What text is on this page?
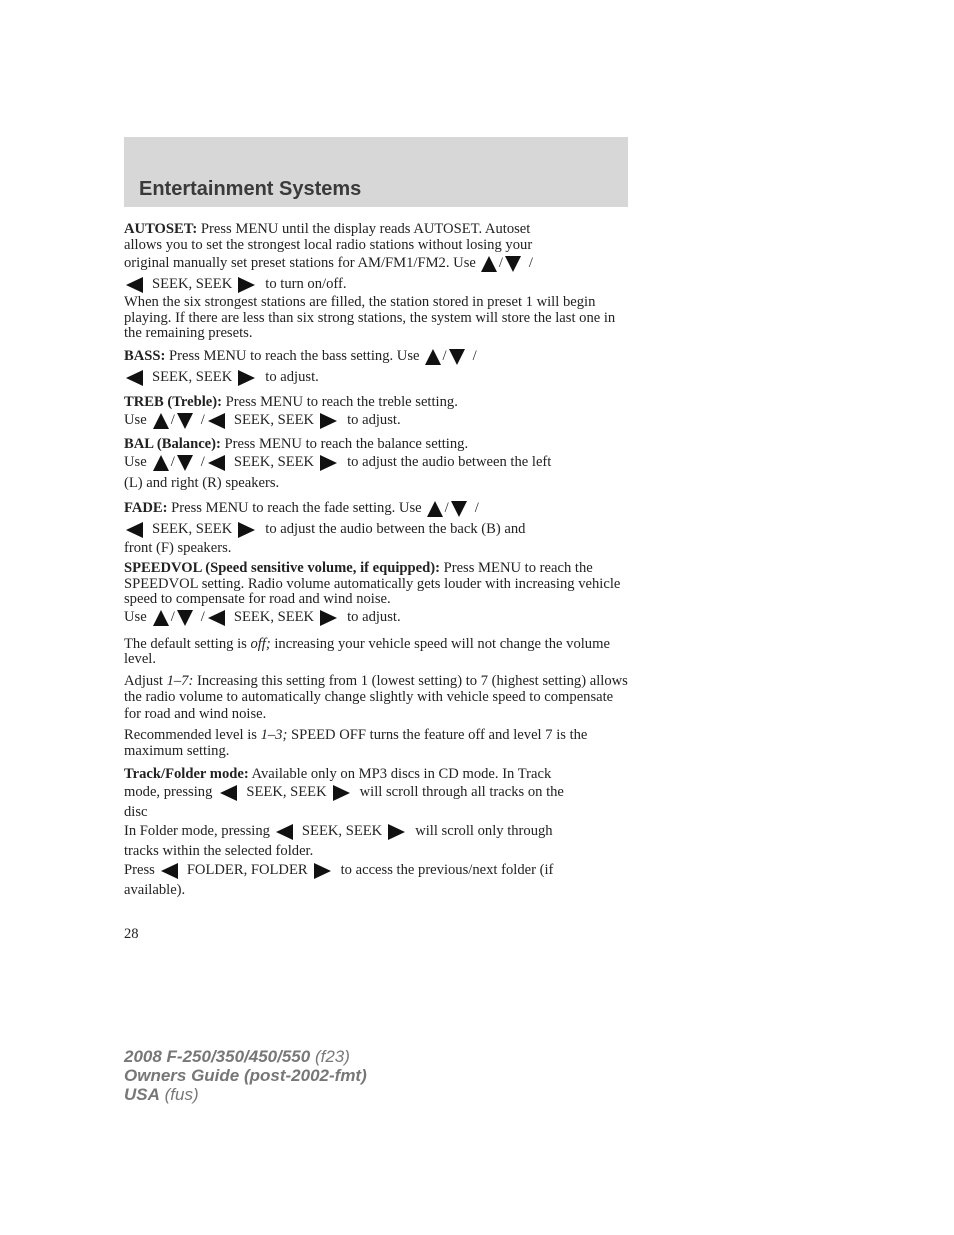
Entertainment Systems

AUTOSET: Press MENU until the display reads AUTOSET. Autoset

allows you to set the strongest local radio stations without losing your

original manually set preset stations for AM/FM1/FM2. Use / /
SEEK, SEEK to turn on/off.

When the six strongest stations are filled, the station stored in preset 1 will begin playing. If there are less than six strong stations, the system will store the last one in the remaining presets.

BASS: Press MENU to reach the bass setting. Use / /
SEEK, SEEK to adjust.

TREB (Treble): Press MENU to reach the treble setting.

Use / / SEEK, SEEK to adjust.

BAL (Balance): Press MENU to reach the balance setting.

Use / / SEEK, SEEK to adjust the audio between the left
(L) and right (R) speakers.
FADE: Press MENU to reach the fade setting. Use / /
SEEK, SEEK to adjust the audio between the back (B) and

front (F) speakers.

SPEEDVOL (Speed sensitive volume, if equipped): Press MENU to reach the SPEEDVOL setting. Radio volume automatically gets louder with increasing vehicle speed to compensate for road and wind noise.

Use / / SEEK, SEEK to adjust.

The default setting is off; increasing your vehicle speed will not change the volume level.

Adjust 1–7: Increasing this setting from 1 (lowest setting) to 7 (highest setting) allows the radio volume to automatically change slightly with vehicle speed to compensate for road and wind noise.

Recommended level is 1–3; SPEED OFF turns the feature off and level 7 is the maximum setting.

Track/Folder mode: Available only on MP3 discs in CD mode. In Track

mode, pressing SEEK, SEEK will scroll through all tracks on the
disc
In Folder mode, pressing SEEK, SEEK will scroll only through
tracks within the selected folder.
Press FOLDER, FOLDER to access the previous/next folder (if
available).
28
2008 F-250/350/450/550 (f23)
Owners Guide (post-2002-fmt)
USA (fus)
